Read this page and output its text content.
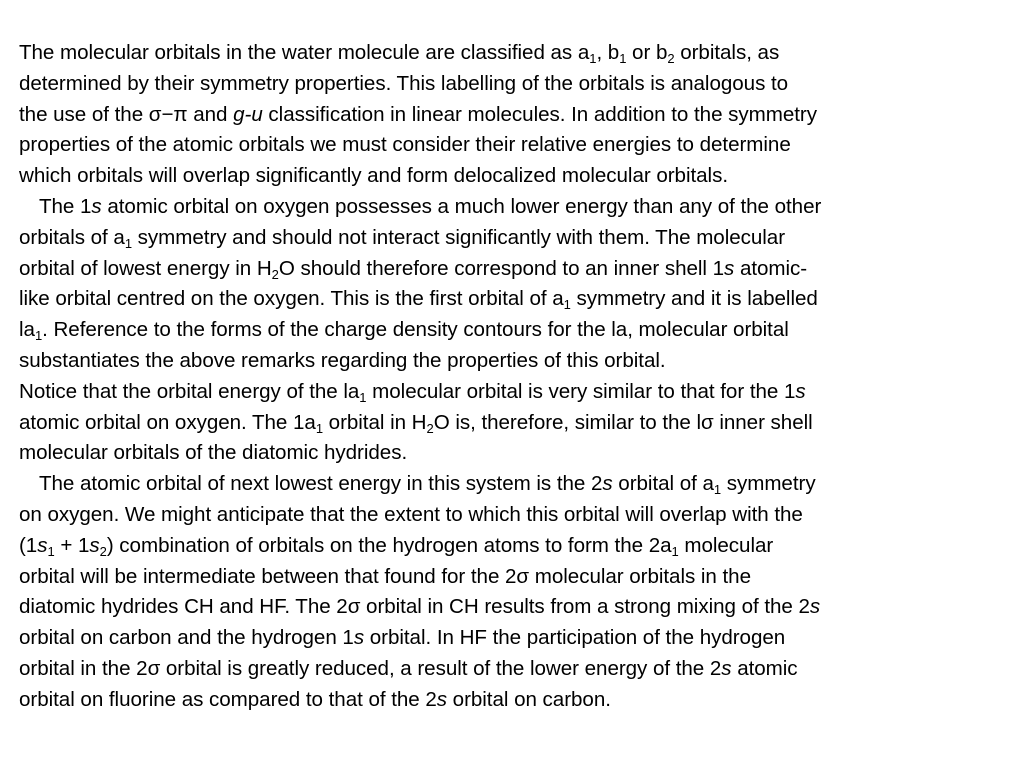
The molecular orbitals in the water molecule are classified as $a_1$, $b_1$ or $b_2$ orbitals, as
determined by their symmetry properties. This labelling of the orbitals is analogous to
the use of the σ−π and g-u classification in linear molecules. In addition to the symmetry
properties of the atomic orbitals we must consider their relative energies to determine
which orbitals will overlap significantly and form delocalized molecular orbitals.
The 1s atomic orbital on oxygen possesses a much lower energy than any of the other
orbitals of $a_1$ symmetry and should not interact significantly with them. The molecular
orbital of lowest energy in $H_2O$ should therefore correspond to an inner shell 1s atomic-
like orbital centred on the oxygen. This is the first orbital of $a_1$ symmetry and it is labelled
$la_1$. Reference to the forms of the charge density contours for the la, molecular orbital
substantiates the above remarks regarding the properties of this orbital.
Notice that the orbital energy of the $la_1$ molecular orbital is very similar to that for the 1s
atomic orbital on oxygen. The $1a_1$ orbital in $H_2O$ is, therefore, similar to the lσ inner shell
molecular orbitals of the diatomic hydrides.
The atomic orbital of next lowest energy in this system is the 2s orbital of $a_1$ symmetry
on oxygen. We might anticipate that the extent to which this orbital will overlap with the
$(1s_1 + 1s_2)$ combination of orbitals on the hydrogen atoms to form the $2a_1$ molecular
orbital will be intermediate between that found for the 2σ molecular orbitals in the
diatomic hydrides CH and HF. The 2σ orbital in CH results from a strong mixing of the 2s
orbital on carbon and the hydrogen 1s orbital. In HF the participation of the hydrogen
orbital in the 2σ orbital is greatly reduced, a result of the lower energy of the 2s atomic
orbital on fluorine as compared to that of the 2s orbital on carbon.
